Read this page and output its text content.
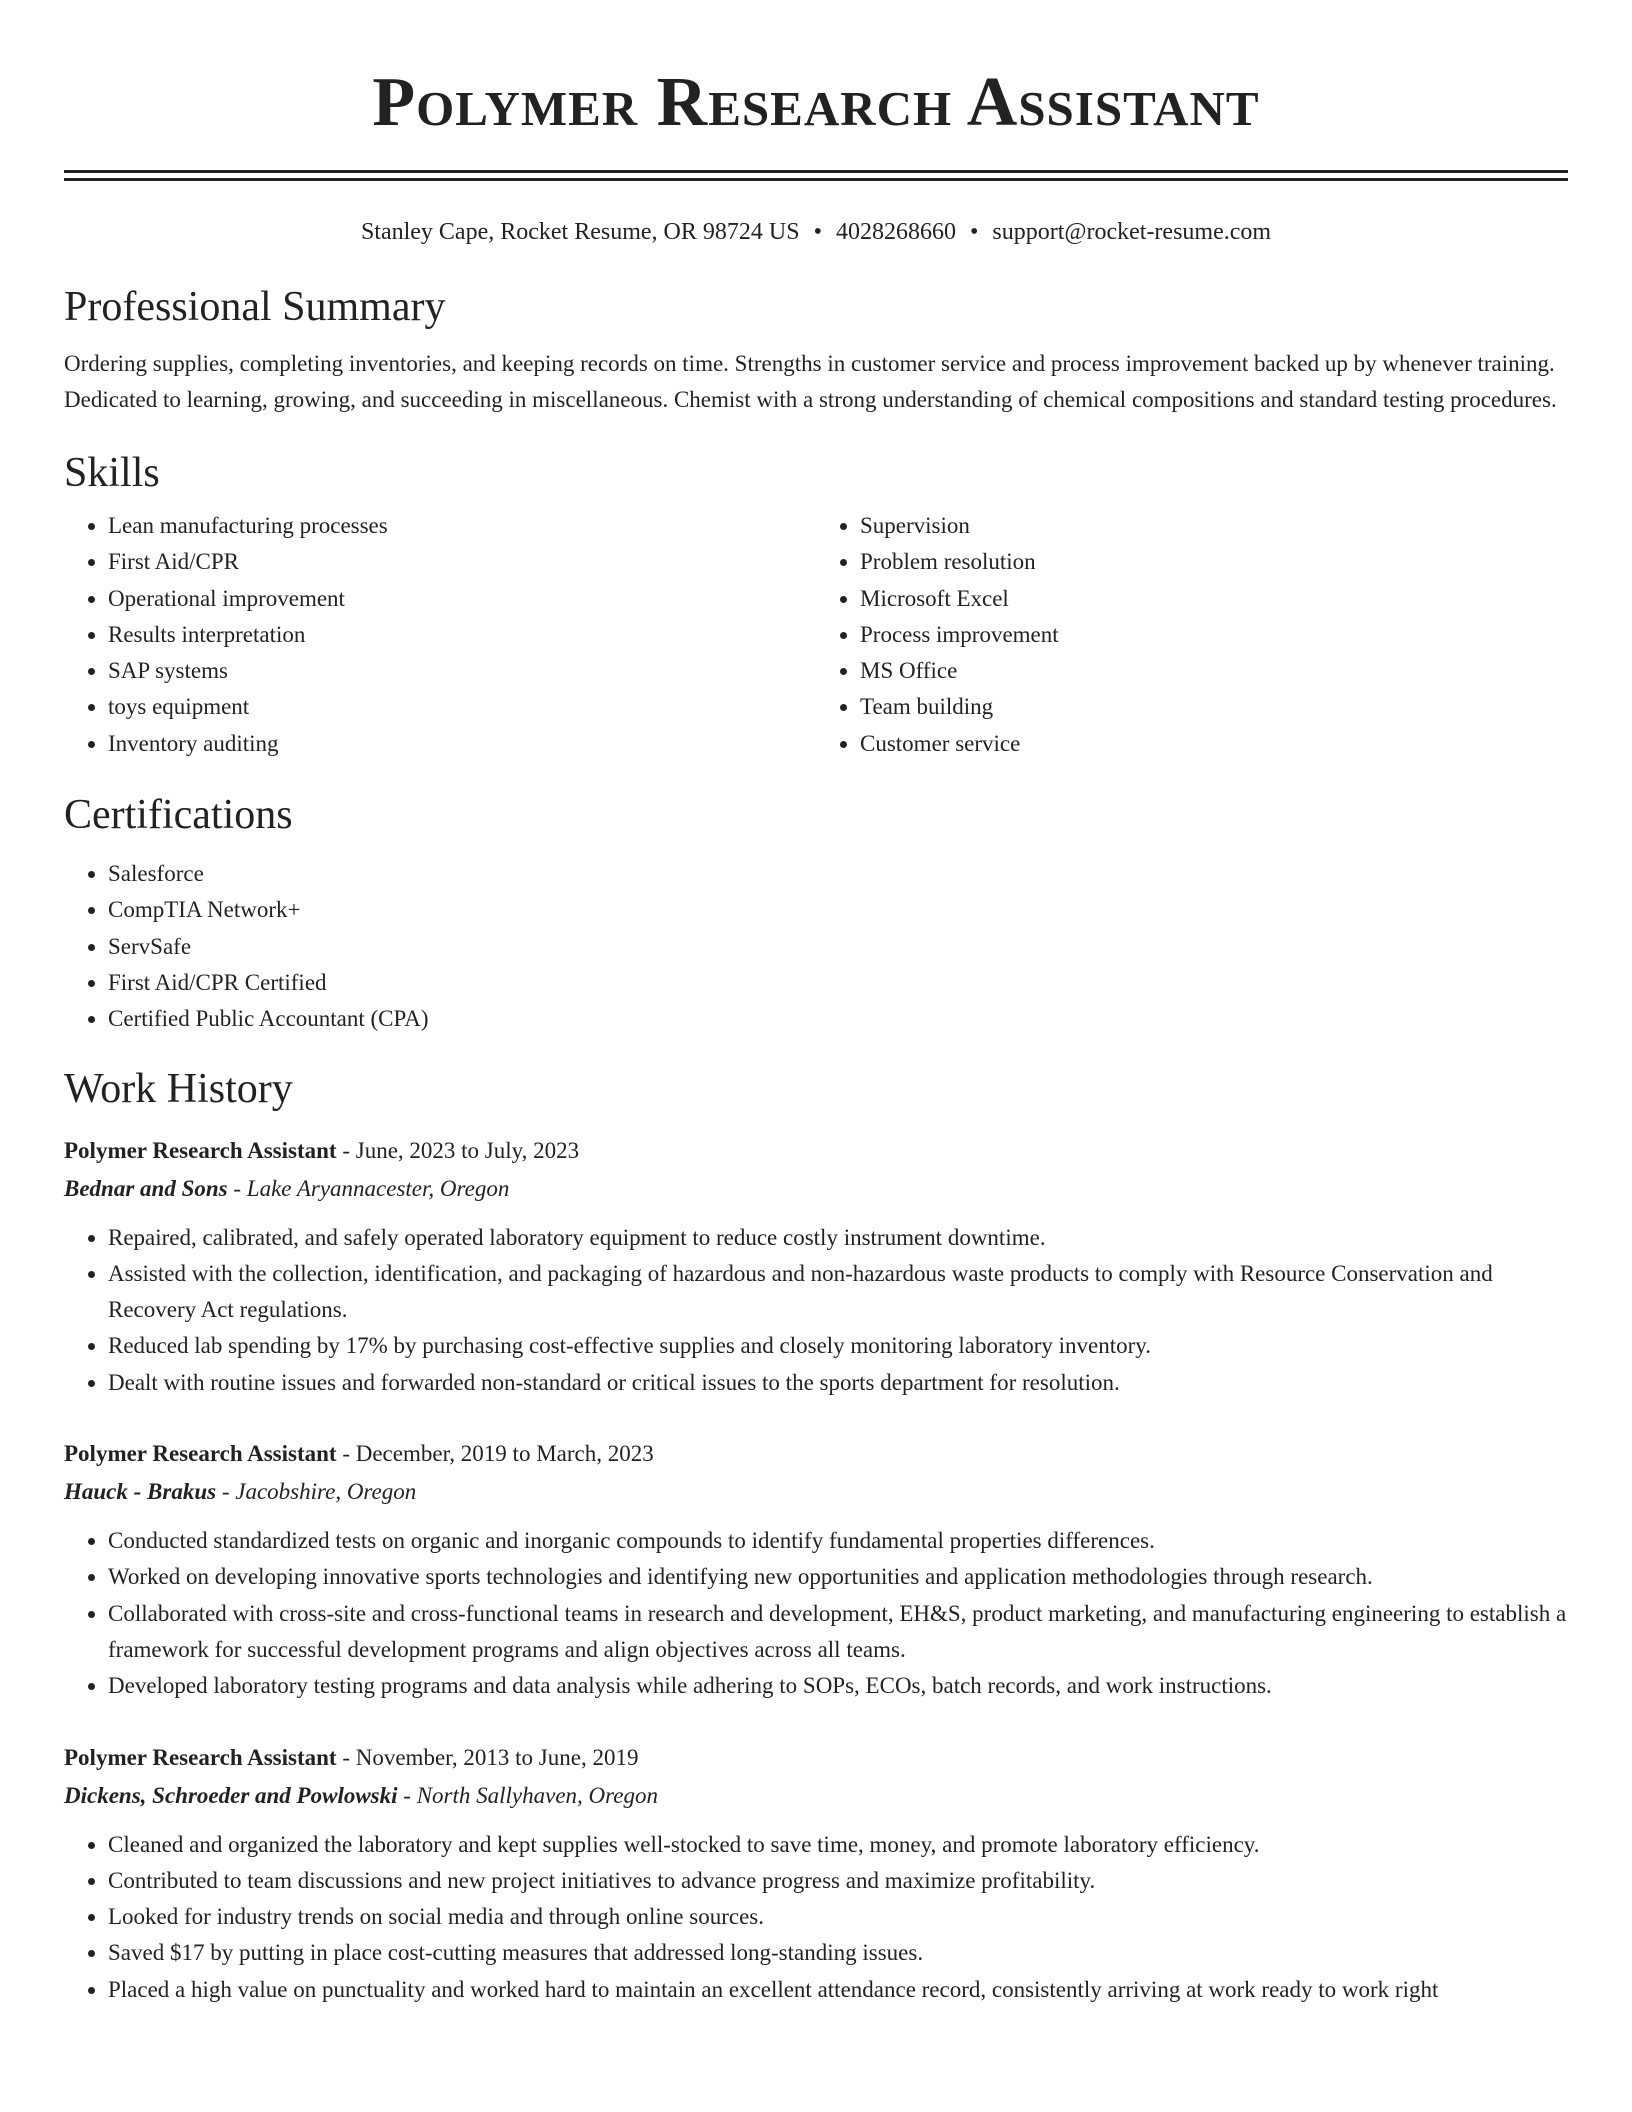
Polymer Research Assistant
Stanley Cape, Rocket Resume, OR 98724 US • 4028268660 • support@rocket-resume.com
Professional Summary

Ordering supplies, completing inventories, and keeping records on time. Strengths in customer service and process improvement backed up by whenever training. Dedicated to learning, growing, and succeeding in miscellaneous. Chemist with a strong understanding of chemical compositions and standard testing procedures.

Skills
• Lean manufacturing processes
• First Aid/CPR
• Operational improvement
• Results interpretation
• SAP systems
• toys equipment
• Inventory auditing
• Supervision
• Problem resolution
• Microsoft Excel
• Process improvement
• MS Office
• Team building
• Customer service
Certifications
• Salesforce
• CompTIA Network+
• ServSafe
• First Aid/CPR Certified
• Certified Public Accountant (CPA)
Work History
Polymer Research Assistant - June, 2023 to July, 2023
Bednar and Sons - Lake Aryannacester, Oregon
• Repaired, calibrated, and safely operated laboratory equipment to reduce costly instrument downtime.
• Assisted with the collection, identification, and packaging of hazardous and non-hazardous waste products to comply with Resource Conservation and Recovery Act regulations.
• Reduced lab spending by 17% by purchasing cost-effective supplies and closely monitoring laboratory inventory.
• Dealt with routine issues and forwarded non-standard or critical issues to the sports department for resolution.
Polymer Research Assistant - December, 2019 to March, 2023
Hauck - Brakus - Jacobshire, Oregon
• Conducted standardized tests on organic and inorganic compounds to identify fundamental properties differences.
• Worked on developing innovative sports technologies and identifying new opportunities and application methodologies through research.
• Collaborated with cross-site and cross-functional teams in research and development, EH&S, product marketing, and manufacturing engineering to establish a framework for successful development programs and align objectives across all teams.
• Developed laboratory testing programs and data analysis while adhering to SOPs, ECOs, batch records, and work instructions.
Polymer Research Assistant - November, 2013 to June, 2019
Dickens, Schroeder and Powlowski - North Sallyhaven, Oregon
• Cleaned and organized the laboratory and kept supplies well-stocked to save time, money, and promote laboratory efficiency.
• Contributed to team discussions and new project initiatives to advance progress and maximize profitability.
• Looked for industry trends on social media and through online sources.
• Saved $17 by putting in place cost-cutting measures that addressed long-standing issues.
• Placed a high value on punctuality and worked hard to maintain an excellent attendance record, consistently arriving at work ready to work right
